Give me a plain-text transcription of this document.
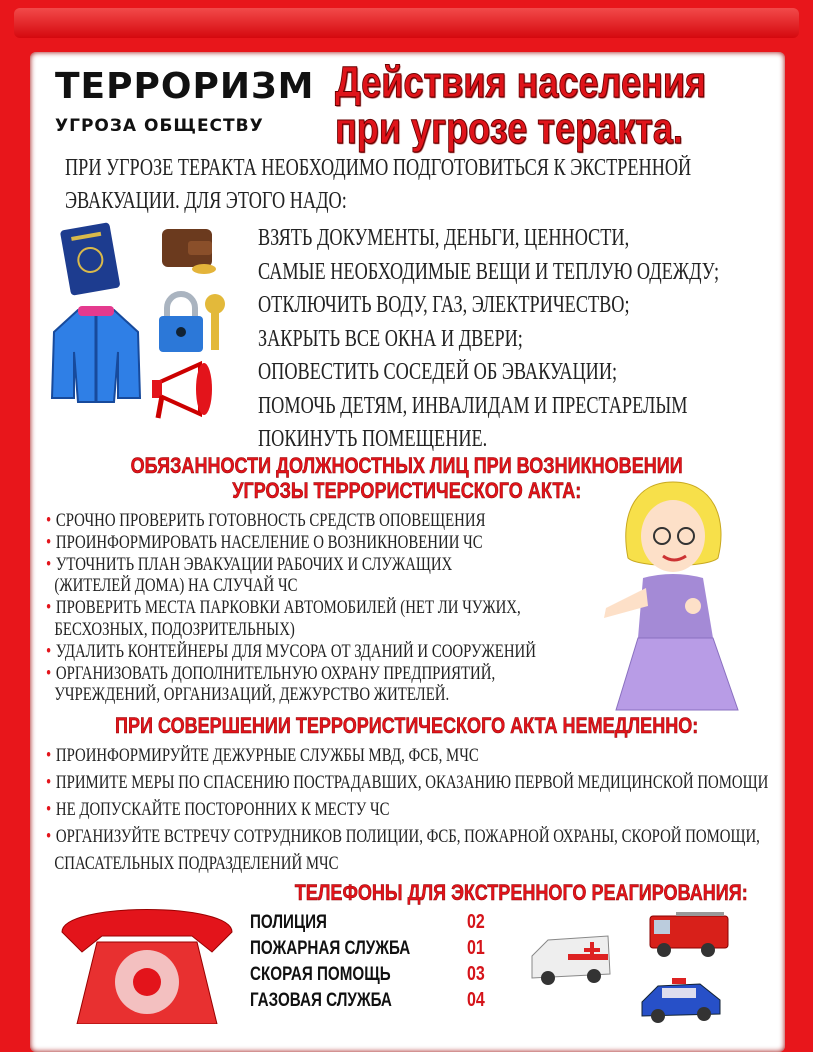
ТЕРРОРИЗМ
УГРОЗА ОБЩЕСТВУ
Действия населения
при угрозе теракта.
ПРИ УГРОЗЕ ТЕРАКТА НЕОБХОДИМО ПОДГОТОВИТЬСЯ К ЭКСТРЕННОЙ
ЭВАКУАЦИИ. ДЛЯ ЭТОГО НАДО:
ВЗЯТЬ ДОКУМЕНТЫ, ДЕНЬГИ, ЦЕННОСТИ,
САМЫЕ НЕОБХОДИМЫЕ ВЕЩИ И ТЕПЛУЮ ОДЕЖДУ;
ОТКЛЮЧИТЬ ВОДУ, ГАЗ, ЭЛЕКТРИЧЕСТВО;
ЗАКРЫТЬ ВСЕ ОКНА И ДВЕРИ;
ОПОВЕСТИТЬ СОСЕДЕЙ ОБ ЭВАКУАЦИИ;
ПОМОЧЬ ДЕТЯМ, ИНВАЛИДАМ И ПРЕСТАРЕЛЫМ
ПОКИНУТЬ ПОМЕЩЕНИЕ.
ОБЯЗАННОСТИ ДОЛЖНОСТНЫХ ЛИЦ ПРИ ВОЗНИКНОВЕНИИ
УГРОЗЫ ТЕРРОРИСТИЧЕСКОГО АКТА:
• СРОЧНО ПРОВЕРИТЬ ГОТОВНОСТЬ СРЕДСТВ ОПОВЕЩЕНИЯ
• ПРОИНФОРМИРОВАТЬ НАСЕЛЕНИЕ О ВОЗНИКНОВЕНИИ ЧС
• УТОЧНИТЬ ПЛАН ЭВАКУАЦИИ РАБОЧИХ И СЛУЖАЩИХ
(ЖИТЕЛЕЙ ДОМА) НА СЛУЧАЙ ЧС
• ПРОВЕРИТЬ МЕСТА ПАРКОВКИ АВТОМОБИЛЕЙ (НЕТ ЛИ ЧУЖИХ,
БЕСХОЗНЫХ, ПОДОЗРИТЕЛЬНЫХ)
• УДАЛИТЬ КОНТЕЙНЕРЫ ДЛЯ МУСОРА ОТ ЗДАНИЙ И СООРУЖЕНИЙ
• ОРГАНИЗОВАТЬ ДОПОЛНИТЕЛЬНУЮ ОХРАНУ ПРЕДПРИЯТИЙ,
УЧРЕЖДЕНИЙ, ОРГАНИЗАЦИЙ, ДЕЖУРСТВО ЖИТЕЛЕЙ.
ПРИ СОВЕРШЕНИИ ТЕРРОРИСТИЧЕСКОГО АКТА НЕМЕДЛЕННО:
• ПРОИНФОРМИРУЙТЕ ДЕЖУРНЫЕ СЛУЖБЫ МВД, ФСБ, МЧС
• ПРИМИТЕ МЕРЫ ПО СПАСЕНИЮ ПОСТРАДАВШИХ, ОКАЗАНИЮ ПЕРВОЙ МЕДИЦИНСКОЙ ПОМОЩИ
• НЕ ДОПУСКАЙТЕ ПОСТОРОННИХ К МЕСТУ ЧС
• ОРГАНИЗУЙТЕ ВСТРЕЧУ СОТРУДНИКОВ ПОЛИЦИИ, ФСБ, ПОЖАРНОЙ ОХРАНЫ, СКОРОЙ ПОМОЩИ,
СПАСАТЕЛЬНЫХ ПОДРАЗДЕЛЕНИЙ МЧС
ТЕЛЕФОНЫ ДЛЯ ЭКСТРЕННОГО РЕАГИРОВАНИЯ:
ПОЛИЦИЯ	02
ПОЖАРНАЯ СЛУЖБА	01
СКОРАЯ ПОМОЩЬ	03
ГАЗОВАЯ СЛУЖБА	04
